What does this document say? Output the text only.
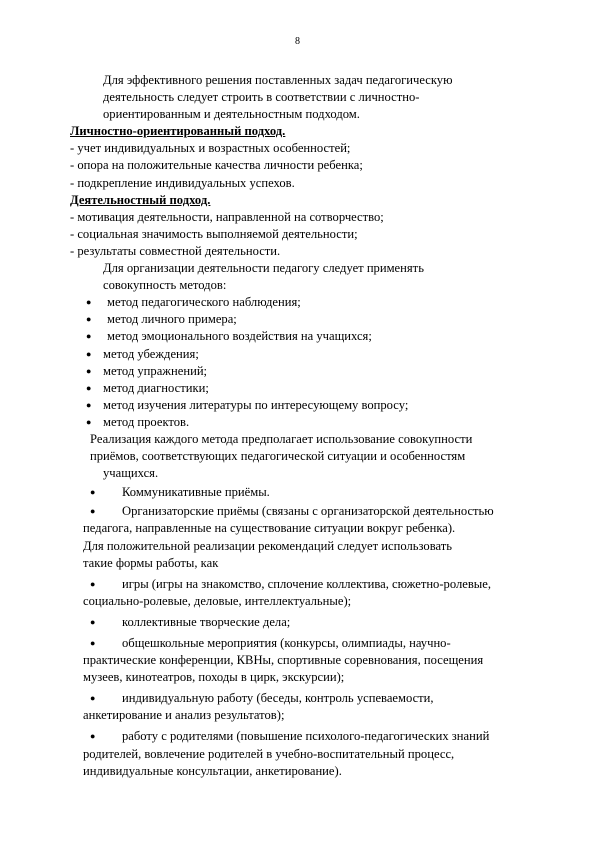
8

Для эффективного решения поставленных задач педагогическую

деятельность следует строить в соответствии с личностно-

ориентированным и деятельностным подходом.

Личностно-ориентированный подход.

- учет индивидуальных и возрастных особенностей;

- опора на положительные качества личности ребенка;

- подкрепление индивидуальных успехов.

Деятельностный подход.

- мотивация деятельности, направленной на сотворчество;

- социальная значимость выполняемой деятельности;

- результаты совместной деятельности.

Для организации деятельности педагогу следует применять

совокупность методов:

● метод педагогического наблюдения;
● метод личного примера;
● метод эмоционального воздействия на учащихся;
● метод убеждения;
● метод упражнений;
● метод диагностики;
● метод изучения литературы по интересующему вопросу;
● метод проектов.

Реализация каждого метода предполагает использование совокупности

приёмов, соответствующих педагогической ситуации и особенностям

учащихся.

●	Коммуникативные приёмы.

●	Организаторские приёмы (связаны с организаторской деятельностью

педагога, направленные на существование ситуации вокруг ребенка).

Для положительной реализации рекомендаций следует использовать

такие формы работы, как

●	игры (игры на знакомство, сплочение коллектива, сюжетно-ролевые,

социально-ролевые, деловые, интеллектуальные);

●	коллективные творческие дела;

●	общешкольные мероприятия (конкурсы, олимпиады, научно-

практические конференции, КВНы, спортивные соревнования, посещения

музеев, кинотеатров, походы в цирк, экскурсии);

●	индивидуальную работу (беседы, контроль успеваемости,

анкетирование и анализ результатов);

●	работу с родителями (повышение психолого-педагогических знаний

родителей, вовлечение родителей в учебно-воспитательный процесс,

индивидуальные консультации, анкетирование).
